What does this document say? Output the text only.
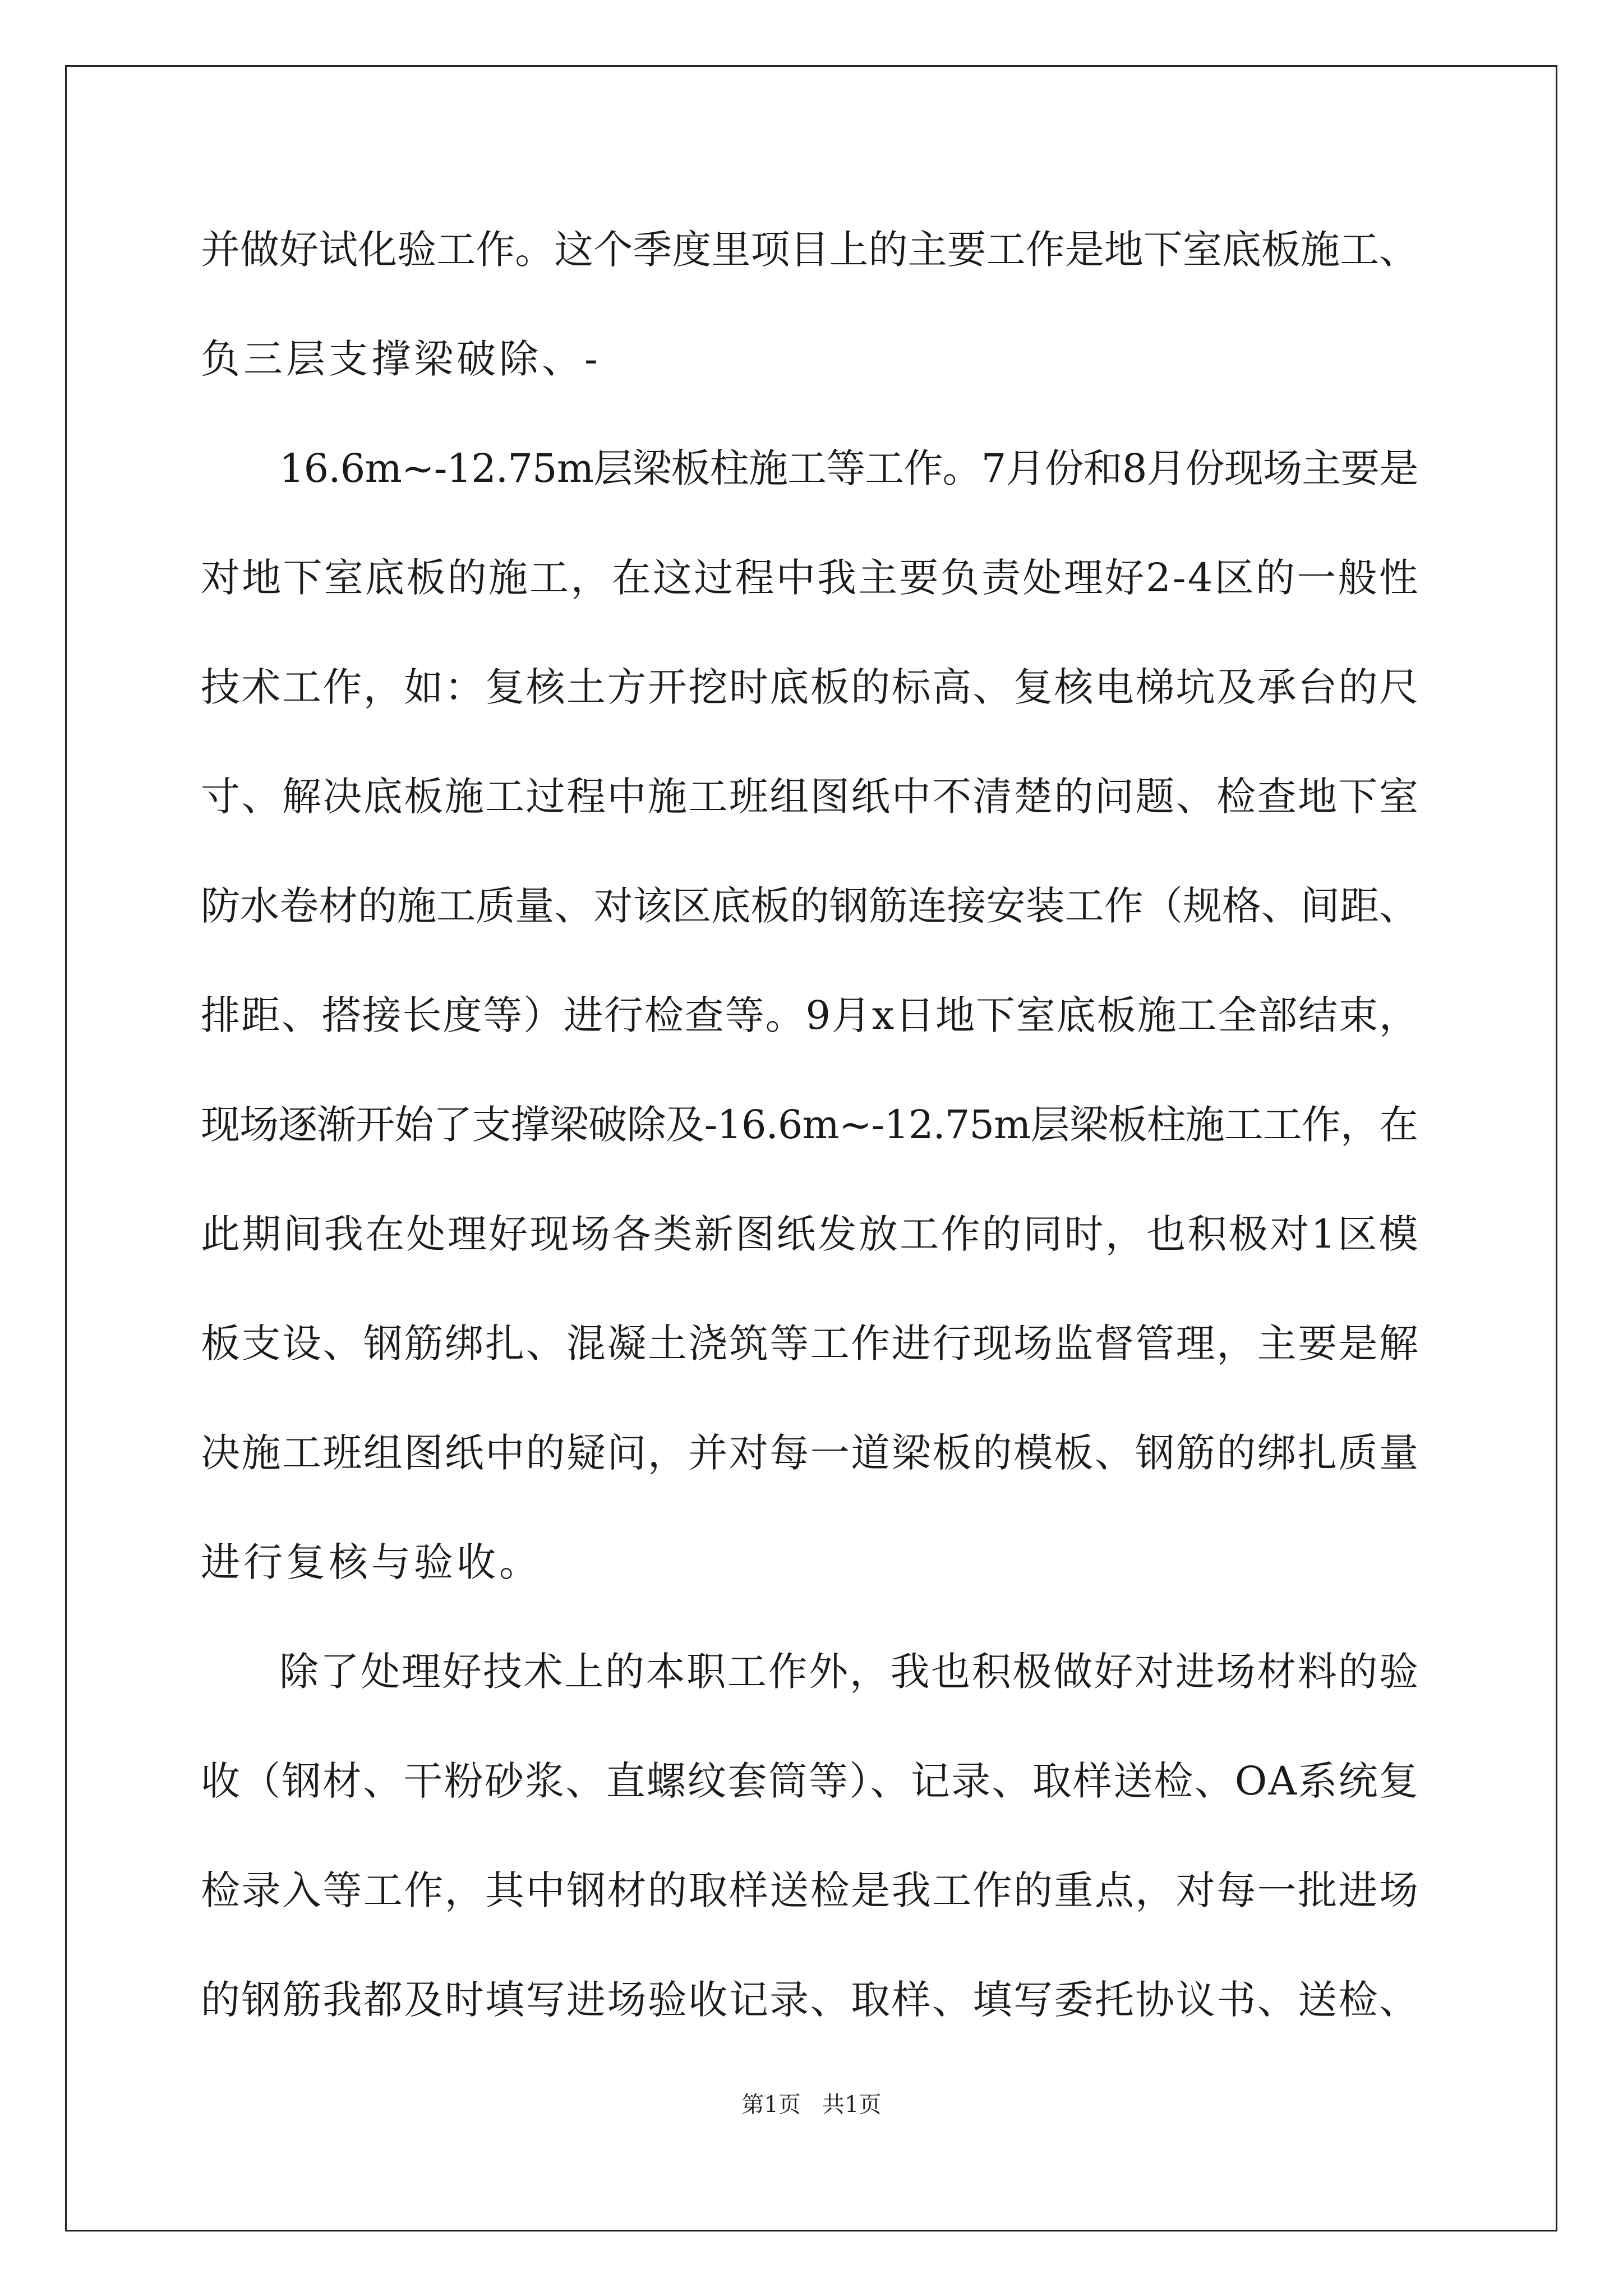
并做好试化验工作。这个季度里项目上的主要工作是地下室底板施工、
负三层支撑梁破除、-
16.6m~-12.75m层梁板柱施工等工作。7月份和8月份现场主要是
对地下室底板的施工，在这过程中我主要负责处理好2-4区的一般性
技术工作，如：复核土方开挖时底板的标高、复核电梯坑及承台的尺
寸、解决底板施工过程中施工班组图纸中不清楚的问题、检查地下室
防水卷材的施工质量、对该区底板的钢筋连接安装工作（规格、间距、
排距、搭接长度等）进行检查等。9月x日地下室底板施工全部结束，
现场逐渐开始了支撑梁破除及-16.6m~-12.75m层梁板柱施工工作，在
此期间我在处理好现场各类新图纸发放工作的同时，也积极对1区模
板支设、钢筋绑扎、混凝土浇筑等工作进行现场监督管理，主要是解
决施工班组图纸中的疑问，并对每一道梁板的模板、钢筋的绑扎质量
进行复核与验收。
除了处理好技术上的本职工作外，我也积极做好对进场材料的验
收（钢材、干粉砂浆、直螺纹套筒等）、记录、取样送检、OA系统复
检录入等工作，其中钢材的取样送检是我工作的重点，对每一批进场
的钢筋我都及时填写进场验收记录、取样、填写委托协议书、送检、
第1页   共1页
